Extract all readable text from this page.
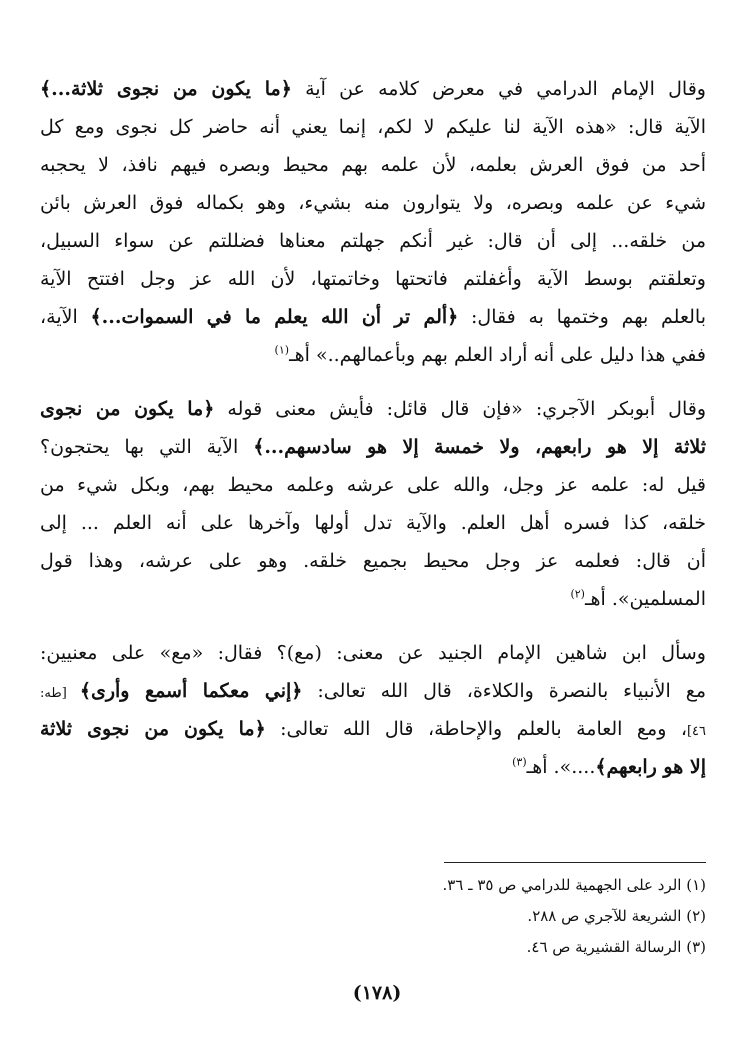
وقال الإمام الدرامي في معرض كلامه عن آية ﴿ما يكون من نجوى ثلاثة...﴾
الآية قال: «هذه الآية لنا عليكم لا لكم، إنما يعني أنه حاضر كل نجوى ومع كل
أحد من فوق العرش بعلمه، لأن علمه بهم محيط وبصره فيهم نافذ، لا يحجبه
شيء عن علمه وبصره، ولا يتوارون منه بشيء، وهو بكماله فوق العرش بائن
من خلقه... إلى أن قال: غير أنكم جهلتم معناها فضللتم عن سواء السبيل،
وتعلقتم بوسط الآية وأغفلتم فاتحتها وخاتمتها، لأن الله عز وجل افتتح الآية
بالعلم بهم وختمها به فقال: ﴿ألم تر أن الله يعلم ما في السموات...﴾ الآية،
ففي هذا دليل على أنه أراد العلم بهم وبأعمالهم..» أهـ$^{(١)}$
وقال أبوبكر الآجري: «فإن قال قائل: فأيش معنى قوله ﴿ما يكون من نجوى
ثلاثة إلا هو رابعهم، ولا خمسة إلا هو سادسهم...﴾ الآية التي بها يحتجون؟
قيل له: علمه عز وجل، والله على عرشه وعلمه محيط بهم، وبكل شيء من
خلقه، كذا فسره أهل العلم. والآية تدل أولها وآخرها على أنه العلم ... إلى
أن قال: فعلمه عز وجل محيط بجميع خلقه. وهو على عرشه، وهذا قول
المسلمين». أهـ$^{(٢)}$
وسأل ابن شاهين الإمام الجنيد عن معنى: (مع)؟ فقال: «مع» على معنيين:
مع الأنبياء بالنصرة والكلاءة، قال الله تعالى: ﴿إني معكما أسمع وأرى﴾ [طه:
٤٦]، ومع العامة بالعلم والإحاطة، قال الله تعالى: ﴿ما يكون من نجوى ثلاثة
إلا هو رابعهم﴾....». أهـ$^{(٣)}$
(١) الرد على الجهمية للدرامي ص ٣٥ ـ ٣٦.
(٢) الشريعة للآجري ص ٢٨٨.
(٣) الرسالة القشيرية ص ٤٦.
(١٧٨)
